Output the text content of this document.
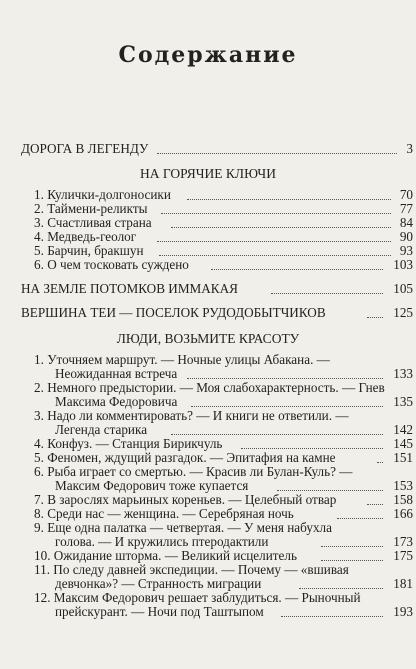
Содержание
ДОРОГА В ЛЕГЕНДУ	3
НА ГОРЯЧИЕ КЛЮЧИ
1. Кулички-долгоносики	70
2. Таймени-реликты	77
3. Счастливая страна	84
4. Медведь-геолог	90
5. Барчин, бракшун	93
6. О чем тосковать суждено	103
НА ЗЕМЛЕ ПОТОМКОВ ИММАКАЯ	105
ВЕРШИНА ТЕИ — ПОСЕЛОК РУДОДОБЫТЧИКОВ	125
ЛЮДИ, ВОЗЬМИТЕ КРАСОТУ
1. Уточняем маршрут. — Ночные улицы Абакана. —
Неожиданная встреча	133
2. Немного предыстории. — Моя слабохарактерность. — Гнев
Максима Федоровича	135
3. Надо ли комментировать? — И книги не ответили. —
Легенда старика	142
4. Конфуз. — Станция Бирикчуль	145
5. Феномен, ждущий разгадок. — Эпитафия на камне	151
6. Рыба играет со смертью. — Красив ли Булан-Куль? —
Максим Федорович тоже купается	153
7. В зарослях марьиных кореньев. — Целебный отвар	158
8. Среди нас — женщина. — Серебряная ночь	166
9. Еще одна палатка — четвертая. — У меня набухла
голова. — И кружились птеродактили	173
10. Ожидание шторма. — Великий исцелитель	175
11. По следу давней экспедиции. — Почему — «вшивая
девчонка»? — Странность миграции	181
12. Максим Федорович решает заблудиться. — Рыночный
прейскурант. — Ночи под Таштыпом	193
